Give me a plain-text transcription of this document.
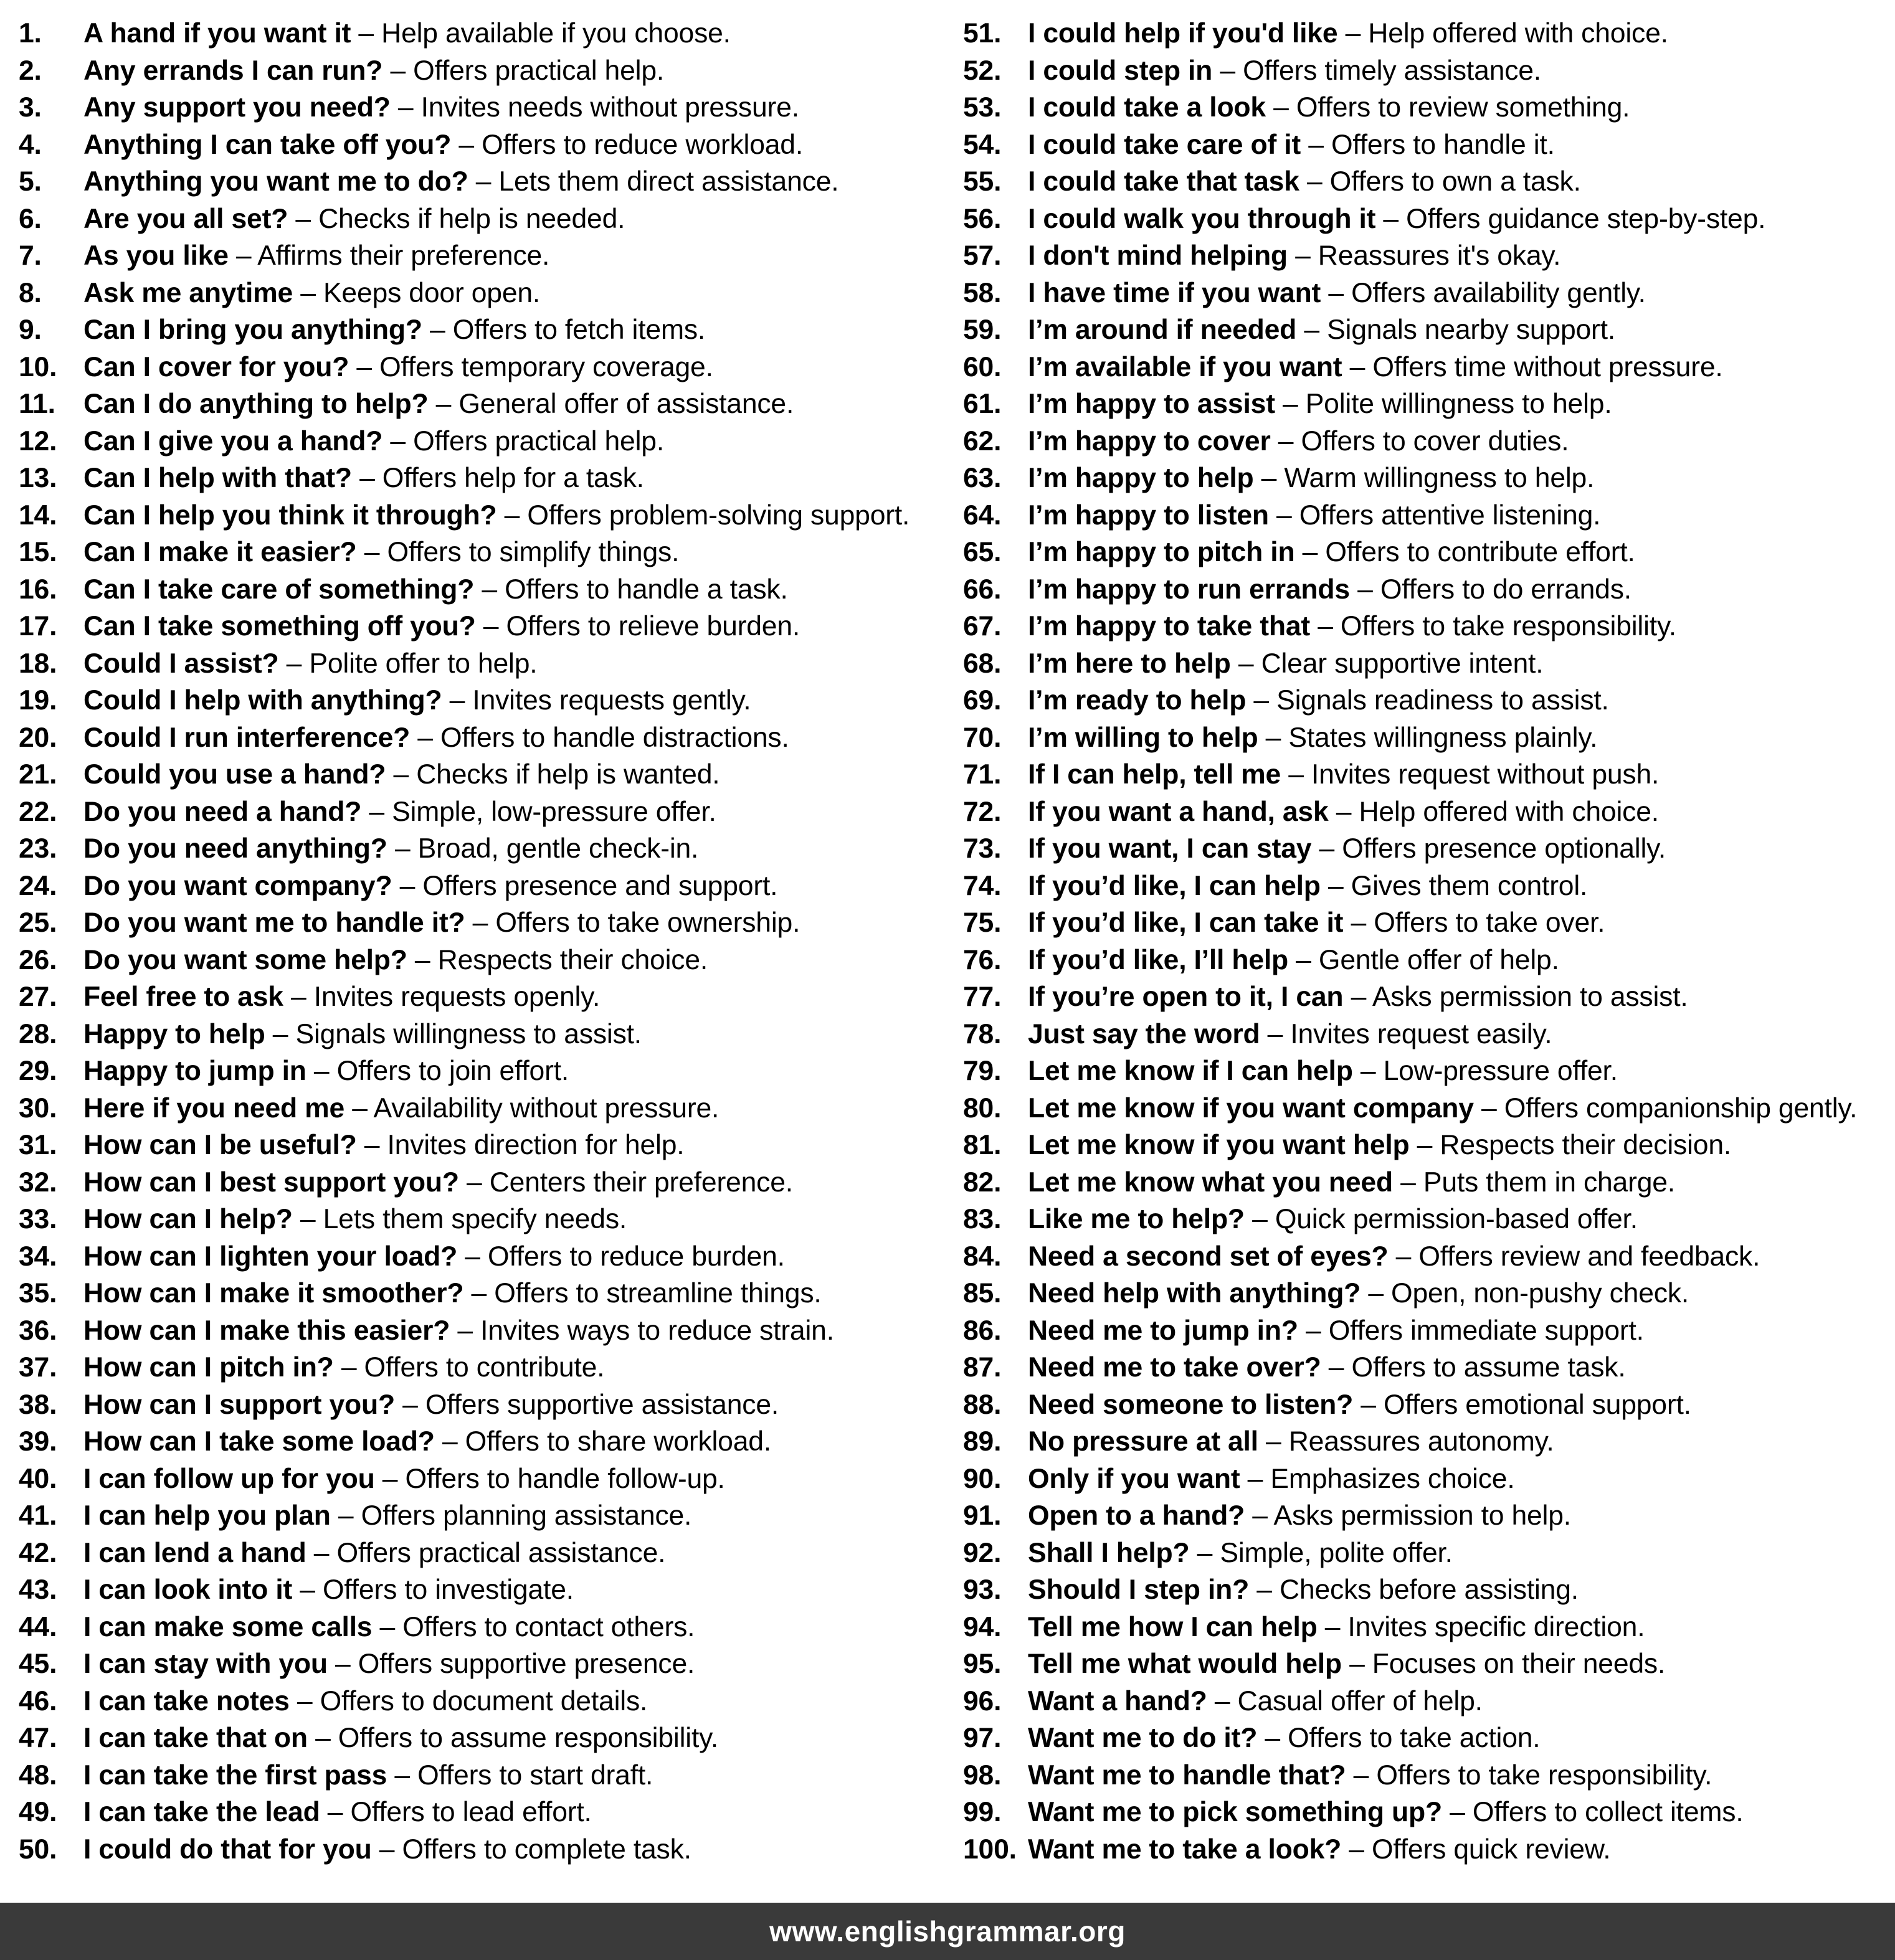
1.	A hand if you want it – Help available if you choose.
2.	Any errands I can run? – Offers practical help.
3.	Any support you need? – Invites needs without pressure.
4.	Anything I can take off you? – Offers to reduce workload.
5.	Anything you want me to do? – Lets them direct assistance.
6.	Are you all set? – Checks if help is needed.
7.	As you like – Affirms their preference.
8.	Ask me anytime – Keeps door open.
9.	Can I bring you anything? – Offers to fetch items.
10. Can I cover for you? – Offers temporary coverage.
11.	Can I do anything to help? – General offer of assistance.
12. Can I give you a hand? – Offers practical help.
13. Can I help with that? – Offers help for a task.
14. Can I help you think it through? – Offers problem-solving support.
15. Can I make it easier? – Offers to simplify things.
16. Can I take care of something? – Offers to handle a task.
17. Can I take something off you? – Offers to relieve burden.
18. Could I assist? – Polite offer to help.
19. Could I help with anything? – Invites requests gently.
20. Could I run interference? – Offers to handle distractions.
21. Could you use a hand? – Checks if help is wanted.
22. Do you need a hand? – Simple, low-pressure offer.
23. Do you need anything? – Broad, gentle check-in.
24. Do you want company? – Offers presence and support.
25. Do you want me to handle it? – Offers to take ownership.
26. Do you want some help? – Respects their choice.
27. Feel free to ask – Invites requests openly.
28. Happy to help – Signals willingness to assist.
29. Happy to jump in – Offers to join effort.
30. Here if you need me – Availability without pressure.
31. How can I be useful? – Invites direction for help.
32. How can I best support you? – Centers their preference.
33. How can I help? – Lets them specify needs.
34. How can I lighten your load? – Offers to reduce burden.
35. How can I make it smoother? – Offers to streamline things.
36. How can I make this easier? – Invites ways to reduce strain.
37. How can I pitch in? – Offers to contribute.
38. How can I support you? – Offers supportive assistance.
39. How can I take some load? – Offers to share workload.
40. I can follow up for you – Offers to handle follow-up.
41. I can help you plan – Offers planning assistance.
42. I can lend a hand – Offers practical assistance.
43. I can look into it – Offers to investigate.
44. I can make some calls – Offers to contact others.
45. I can stay with you – Offers supportive presence.
46. I can take notes – Offers to document details.
47. I can take that on – Offers to assume responsibility.
48. I can take the first pass – Offers to start draft.
49. I can take the lead – Offers to lead effort.
50. I could do that for you – Offers to complete task.
51. I could help if you'd like – Help offered with choice.
52. I could step in – Offers timely assistance.
53. I could take a look – Offers to review something.
54. I could take care of it – Offers to handle it.
55. I could take that task – Offers to own a task.
56. I could walk you through it – Offers guidance step-by-step.
57. I don't mind helping – Reassures it's okay.
58. I have time if you want – Offers availability gently.
59. I’m around if needed – Signals nearby support.
60. I’m available if you want – Offers time without pressure.
61. I’m happy to assist – Polite willingness to help.
62. I’m happy to cover – Offers to cover duties.
63. I’m happy to help – Warm willingness to help.
64. I’m happy to listen – Offers attentive listening.
65. I’m happy to pitch in – Offers to contribute effort.
66. I’m happy to run errands – Offers to do errands.
67. I’m happy to take that – Offers to take responsibility.
68. I’m here to help – Clear supportive intent.
69. I’m ready to help – Signals readiness to assist.
70. I’m willing to help – States willingness plainly.
71. If I can help, tell me – Invites request without push.
72. If you want a hand, ask – Help offered with choice.
73. If you want, I can stay – Offers presence optionally.
74. If you’d like, I can help – Gives them control.
75. If you’d like, I can take it – Offers to take over.
76. If you’d like, I’ll help – Gentle offer of help.
77. If you’re open to it, I can – Asks permission to assist.
78. Just say the word – Invites request easily.
79. Let me know if I can help – Low-pressure offer.
80. Let me know if you want company – Offers companionship gently.
81. Let me know if you want help – Respects their decision.
82. Let me know what you need – Puts them in charge.
83. Like me to help? – Quick permission-based offer.
84. Need a second set of eyes? – Offers review and feedback.
85. Need help with anything? – Open, non-pushy check.
86. Need me to jump in? – Offers immediate support.
87. Need me to take over? – Offers to assume task.
88. Need someone to listen? – Offers emotional support.
89. No pressure at all – Reassures autonomy.
90. Only if you want – Emphasizes choice.
91. Open to a hand? – Asks permission to help.
92. Shall I help? – Simple, polite offer.
93. Should I step in? – Checks before assisting.
94. Tell me how I can help – Invites specific direction.
95. Tell me what would help – Focuses on their needs.
96. Want a hand? – Casual offer of help.
97. Want me to do it? – Offers to take action.
98. Want me to handle that? – Offers to take responsibility.
99. Want me to pick something up? – Offers to collect items.
100. Want me to take a look? – Offers quick review.
www.englishgrammar.org
